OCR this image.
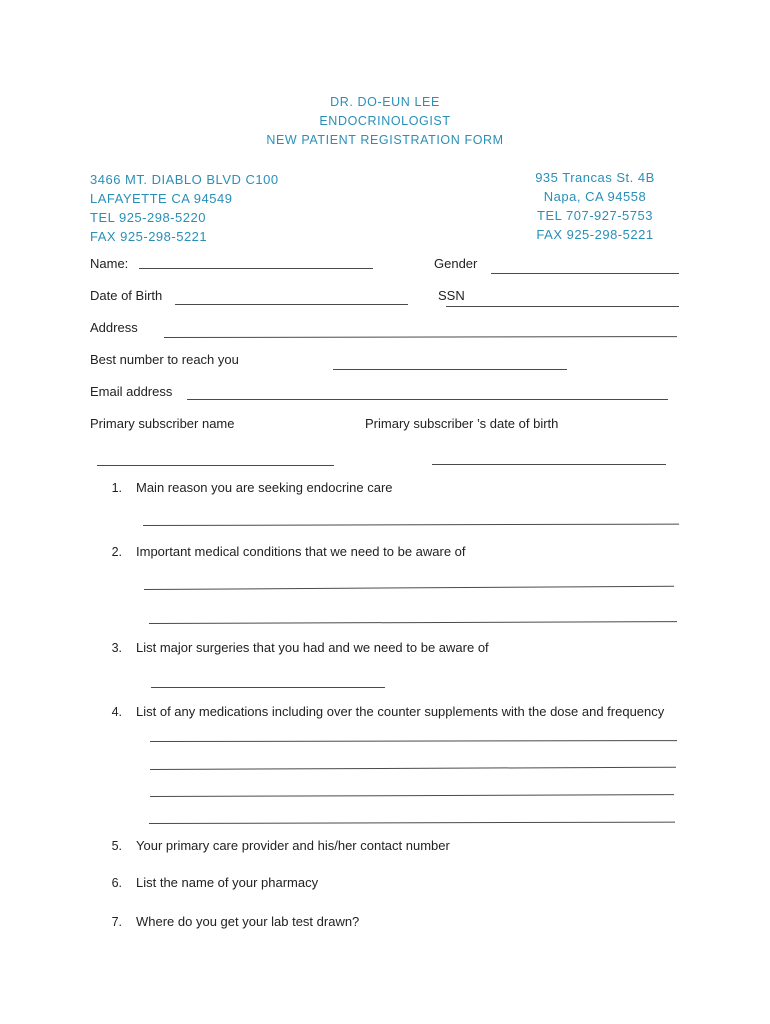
DR. DO-EUN LEE
ENDOCRINOLOGIST
NEW PATIENT REGISTRATION FORM
3466 MT. DIABLO BLVD C100
LAFAYETTE CA 94549
TEL 925-298-5220
FAX 925-298-5221
935 Trancas St. 4B
Napa, CA 94558
TEL 707-927-5753
FAX 925-298-5221
Name:	Gender
Date of Birth	SSN
Address
Best number to reach you
Email address
Primary subscriber name	Primary subscriber ’s date of birth
1. Main reason you are seeking endocrine care
2. Important medical conditions that we need to be aware of
3. List major surgeries that you had and we need to be aware of
4. List of any medications including over the counter supplements with the dose and frequency
5. Your primary care provider and his/her contact number
6. List the name of your pharmacy
7. Where do you get your lab test drawn?
